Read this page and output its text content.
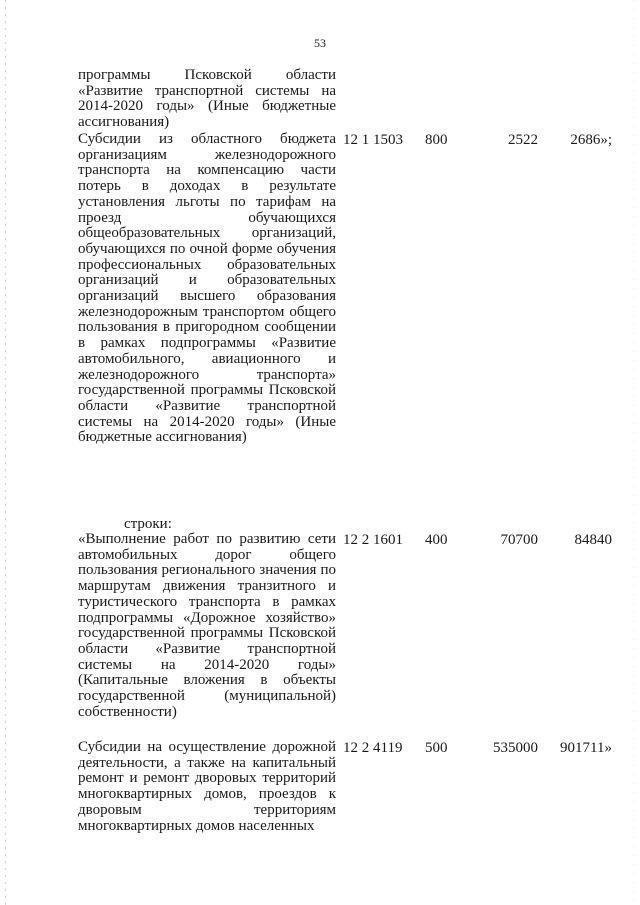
53
программы Псковской области «Развитие транспортной системы на 2014-2020 годы» (Иные бюджетные ассигнования)
Субсидии из областного бюджета организациям железнодорожного транспорта на компенсацию части потерь в доходах в результате установления льготы по тарифам на проезд обучающихся общеобразовательных организаций, обучающихся по очной форме обучения профессиональных образовательных организаций и образовательных организаций высшего образования железнодорожным транспортом общего пользования в пригородном сообщении в рамках подпрограммы «Развитие автомобильного, авиационного и железнодорожного транспорта» государственной программы Псковской области «Развитие транспортной системы на 2014-2020 годы» (Иные бюджетные ассигнования)
12 1 1503 800	2522 2686»;
строки:
«Выполнение работ по развитию сети автомобильных дорог общего пользования регионального значения по маршрутам движения транзитного и туристического транспорта в рамках подпрограммы «Дорожное хозяйство» государственной программы Псковской области «Развитие транспортной системы на 2014-2020 годы» (Капитальные вложения в объекты государственной (муниципальной) собственности)
12 2 1601 400	70700 84840
Субсидии на осуществление дорожной деятельности, а также на капитальный ремонт и ремонт дворовых территорий многоквартирных домов, проездов к дворовым территориям многоквартирных домов населенных
12 2 4119 500	535000 901711»
